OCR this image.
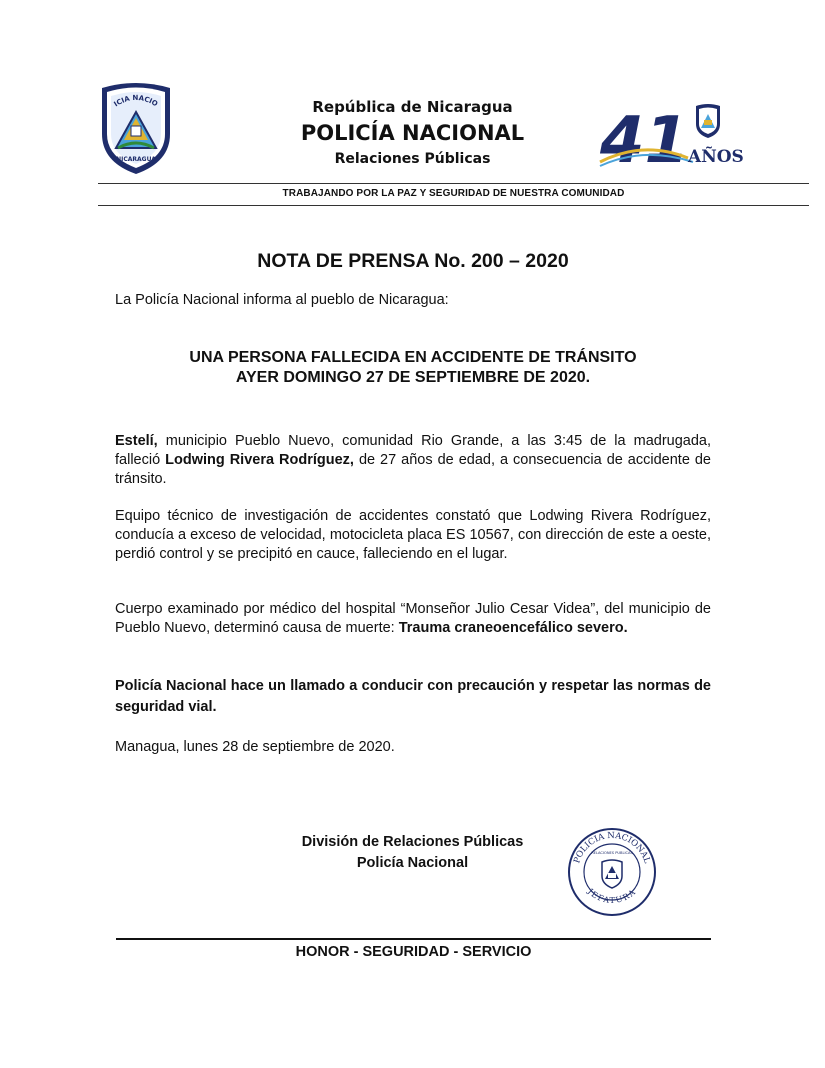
ICIA NACIO
NICARAGUA
República de Nicaragua
POLICÍA NACIONAL
Relaciones Públicas	41
AÑOS
TRABAJANDO POR LA PAZ Y SEGURIDAD DE NUESTRA COMUNIDAD
NOTA DE PRENSA No. 200 – 2020
La Policía Nacional informa al pueblo de Nicaragua:
UNA PERSONA FALLECIDA EN ACCIDENTE DE TRÁNSITO
AYER DOMINGO 27 DE SEPTIEMBRE DE 2020.
Estelí, municipio Pueblo Nuevo, comunidad Rio Grande, a las 3:45 de la madrugada, falleció Lodwing Rivera Rodríguez, de 27 años de edad, a consecuencia de accidente de tránsito.
Equipo técnico de investigación de accidentes constató que Lodwing Rivera Rodríguez, conducía a exceso de velocidad, motocicleta placa ES 10567, con dirección de este a oeste, perdió control y se precipitó en cauce, falleciendo en el lugar.
Cuerpo examinado por médico del hospital “Monseñor Julio Cesar Videa”, del municipio de Pueblo Nuevo, determinó causa de muerte: Trauma craneoencefálico severo.
Policía Nacional hace un llamado a conducir con precaución y respetar las normas de seguridad vial.
Managua, lunes 28 de septiembre de 2020.
División de Relaciones Públicas
Policía Nacional	POLICIA NACIONAL
RELACIONES PUBLICAS
JEFATURA
HONOR - SEGURIDAD - SERVICIO
